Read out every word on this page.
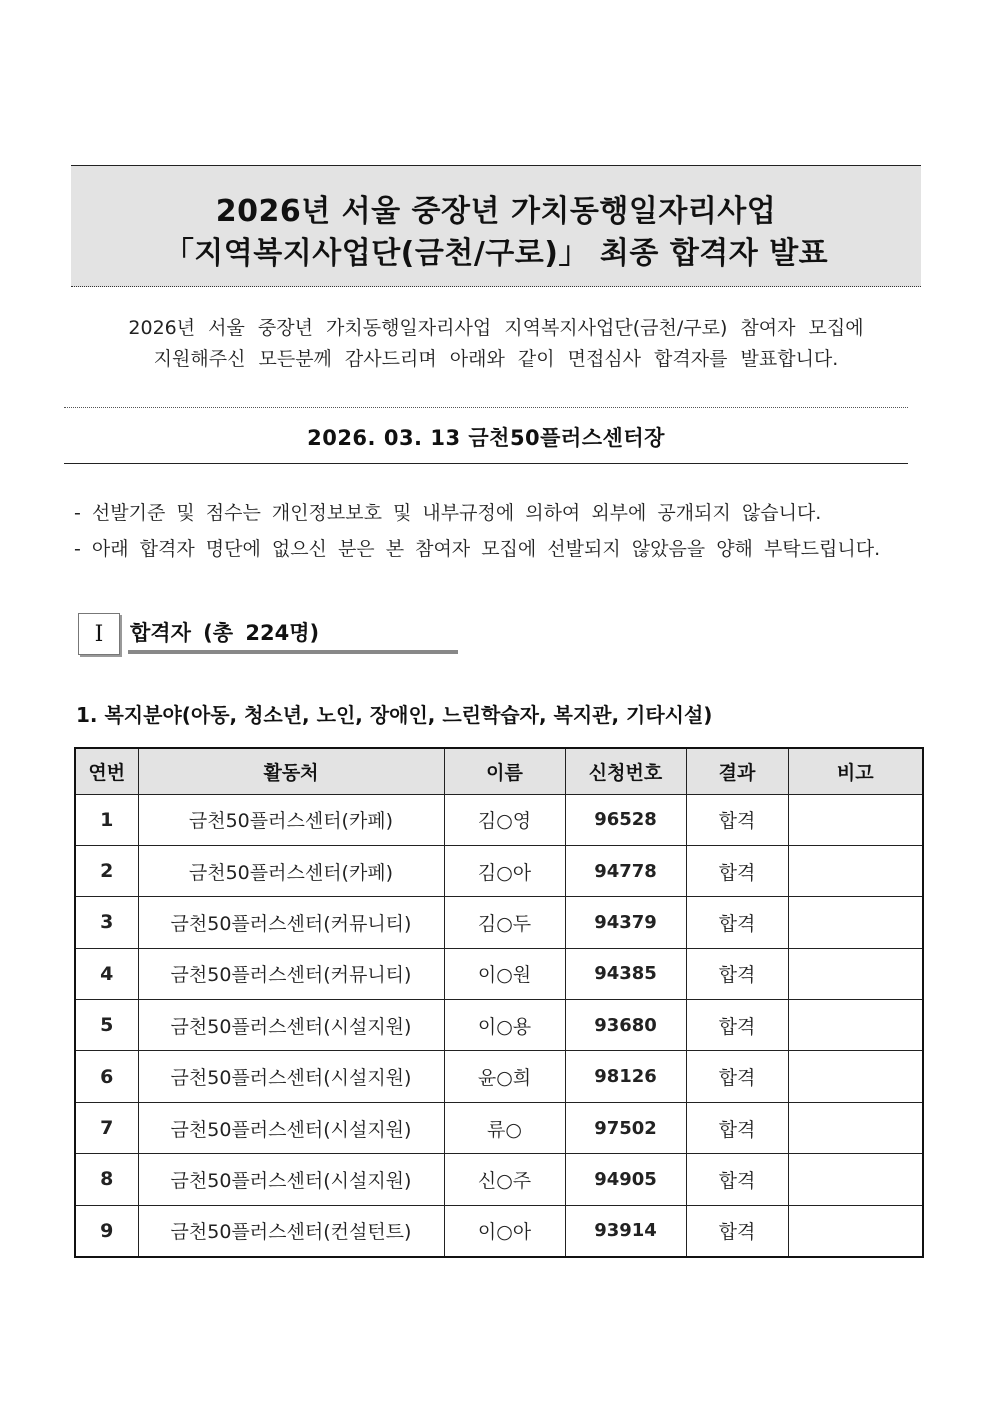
2026년 서울 중장년 가치동행일자리사업
「지역복지사업단(금천/구로)」 최종 합격자 발표
2026년 서울 중장년 가치동행일자리사업 지역복지사업단(금천/구로) 참여자 모집에
지원해주신 모든분께 감사드리며 아래와 같이 면접심사 합격자를 발표합니다.
2026. 03. 13 금천50플러스센터장
- 선발기준 및 점수는 개인정보보호 및 내부규정에 의하여 외부에 공개되지 않습니다.
- 아래 합격자 명단에 없으신 분은 본 참여자 모집에 선발되지 않았음을 양해 부탁드립니다.
I 합격자 (총 224명)
1. 복지분야(아동, 청소년, 노인, 장애인, 느린학습자, 복지관, 기타시설)
연번	활동처	이름	신청번호	결과	비고
1	금천50플러스센터(카페)	김○영	96528	합격	
2	금천50플러스센터(카페)	김○아	94778	합격	
3	금천50플러스센터(커뮤니티)	김○두	94379	합격	
4	금천50플러스센터(커뮤니티)	이○원	94385	합격	
5	금천50플러스센터(시설지원)	이○용	93680	합격	
6	금천50플러스센터(시설지원)	윤○희	98126	합격	
7	금천50플러스센터(시설지원)	류○	97502	합격	
8	금천50플러스센터(시설지원)	신○주	94905	합격	
9	금천50플러스센터(컨설턴트)	이○아	93914	합격	
